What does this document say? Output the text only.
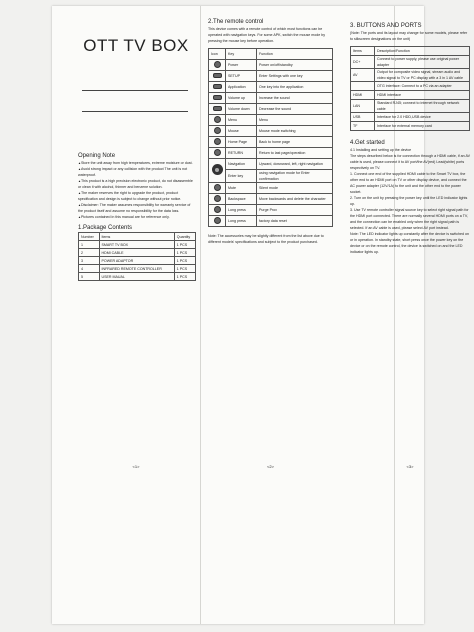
OTT TV BOX
Opening Note
▲ Store the unit away from high temperatures, extreme moisture or dust.
▲ Avoid strong impact or any collision with the product The unit is not waterproof.
▲ This product is a high precision electronic product, do not disassemble or clean it with alcohol, thinner and benzene solution.
▲ The maker reserves the right to upgrade the product, product specification and design is subject to change without prior notice.
▲ Disclaimer: The maker assumes responsibility for warranty service of the product itself and assume no responsibility for the data loss.
▲ Pictures contained in this manual are for reference only.
1.Package Contents
Number	Items	Quantity
1	SMART TV BOX	1 PCS
2	HDMI CABLE	1 PCS
3	POWER ADAPTOR	1 PCS
4	INFRARED REMOTE CONTROLLER	1 PCS
5	USER MAUAL	1 PCS
<1>
2.The remote control

This device comes with a remote control of which most functions can be operated with navigation keys. For some APK, switch the mouse mode by pressing the mouse key before operation.

Icon	Key	Function
	Power	Power on/off/standby
	SETUP	Enter Settings with one key
	Application	One key into the application
	Volume up	Increase the sound
	Volume down	Decrease the sound
	Menu	Menu
	Mouse	Mouse mode switching
	Home Page	Back to home page
	RETURN	Return to last page/operation
	Navigation	Upward, downward, left, right navigation
	Enter key	using navigation mode for Enter confirmation
	Mute	Silent mode
	Backspace	Move backwards and delete the character
	Long press	Purge Prox
	Long press	factory data reset

Note: The accessories may be slightly different from the list above due to different models' specifications and subject to the product purchased.

<2>
3. BUTTONS AND PORTS

(Note: The ports and its layout may change for some models, please refer to silkscreen designations on the unit)

Items	Description/Function
DC+	Connect to power supply, please use original power adapter
AV	Output for composite video signal, stream audio and video signal to TV or PC display with a 3 in 1 AV cable
	OTG interface: Connect to a PC via an adapter
HDMI	HDMI interface
LAN	Standard RJ45; connect to internet through network cable
USB	Interface for 2.0 HDD,USB device
TF	Interface for external memory card
4.Get started

4.1 Installing and setting up the device

The steps described below is for connection through a HDMI cable, if an AV cable is used, please connect it to AV port/the AV(red) Lead(white) ports respectively on TV.

1. Connect one end of the supplied HDMI cable to the Smart TV box, the other end to an HDMI port on TV or other display device, and connect the AC power adapter (12V/1A) to the unit and the other end to the power socket.

2. Turn on the unit by pressing the power key until the LED indicator lights up.

3. Use TV remote controller signal source key to select right signal path for the HDMI port connected. There are normally several HDMI ports on a TV, and the connection can be enabled only when the right signal path is selected. If an AV cable is used, please select AV port instead.

Note: The LED indicator lights up constantly after the device is switched on or in operation. In standby state, short press once the power key on the device or on the remote control, the device is switched on and the LED indicator lights up.

<3>
